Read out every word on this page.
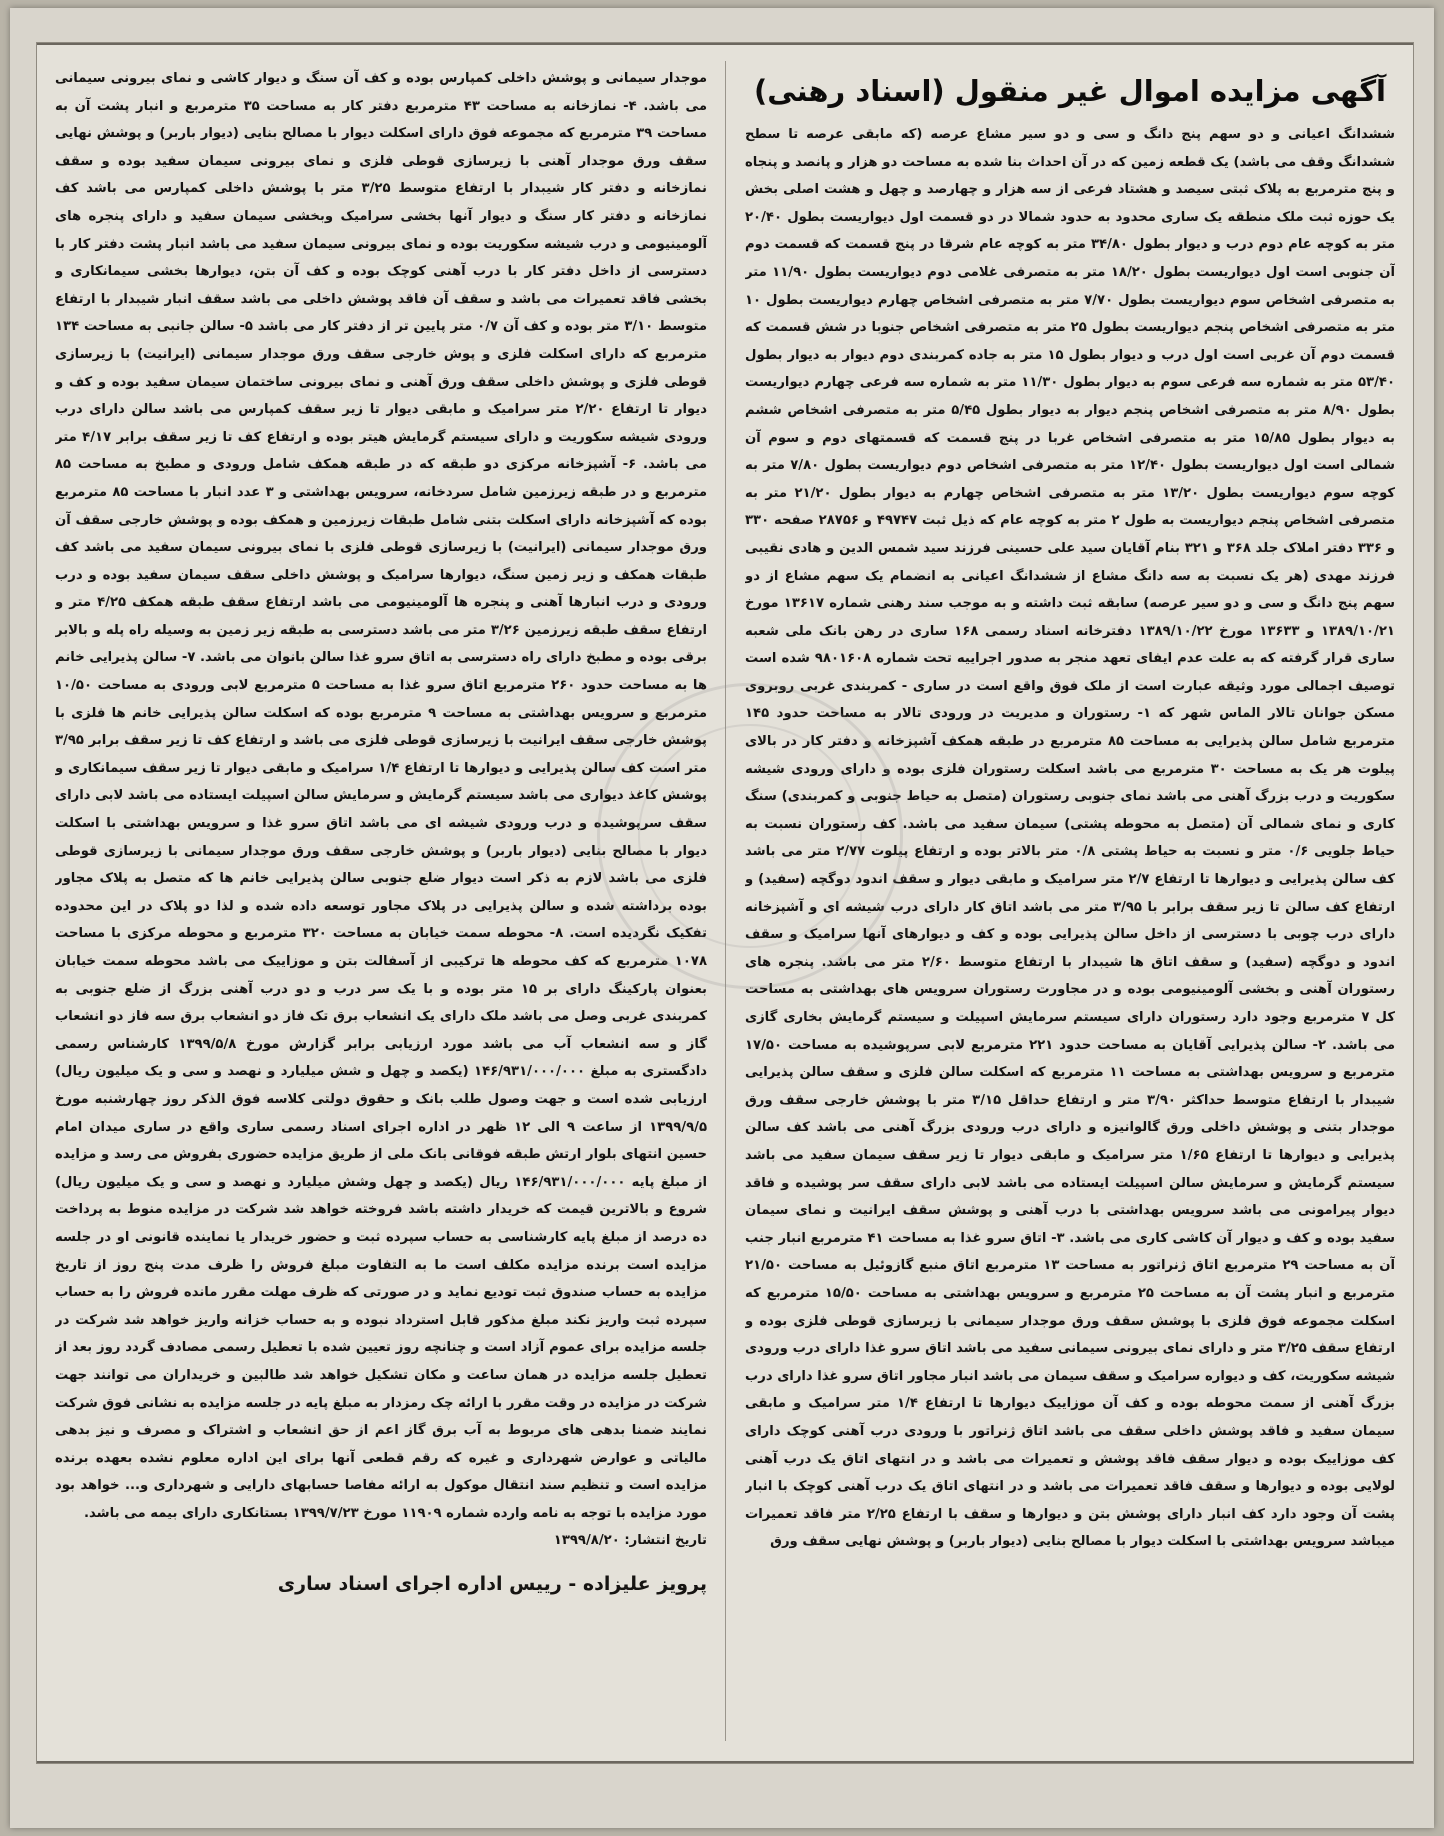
آگهی مزایده اموال غیر منقول (اسناد رهنی)

ششدانگ اعیانی و دو سهم پنج دانگ و سی و دو سیر مشاع عرصه (که مابقی عرصه تا سطح ششدانگ وقف می باشد) یک قطعه زمین که در آن احداث بنا شده به مساحت دو هزار و پانصد و پنجاه و پنج مترمربع به پلاک ثبتی سیصد و هشتاد فرعی از سه هزار و چهارصد و چهل و هشت اصلی بخش یک حوزه ثبت ملک منطقه یک ساری محدود به حدود شمالا در دو قسمت اول دیواریست بطول ۲۰/۴۰ متر به کوچه عام دوم درب و دیوار بطول ۳۴/۸۰ متر به کوچه عام شرقا در پنج قسمت که قسمت دوم آن جنوبی است اول دیواریست بطول ۱۸/۲۰ متر به متصرفی غلامی دوم دیواریست بطول ۱۱/۹۰ متر به متصرفی اشخاص سوم دیواریست بطول ۷/۷۰ متر به متصرفی اشخاص چهارم دیواریست بطول ۱۰ متر به متصرفی اشخاص پنجم دیواریست بطول ۲۵ متر به متصرفی اشخاص جنوبا در شش قسمت که قسمت دوم آن غربی است اول درب و دیوار بطول ۱۵ متر به جاده کمربندی دوم دیوار به دیوار بطول ۵۳/۴۰ متر به شماره سه فرعی سوم به دیوار بطول ۱۱/۳۰ متر به شماره سه فرعی چهارم دیواریست بطول ۸/۹۰ متر به متصرفی اشخاص پنجم دیوار به دیوار بطول ۵/۴۵ متر به متصرفی اشخاص ششم به دیوار بطول ۱۵/۸۵ متر به متصرفی اشخاص غربا در پنج قسمت که قسمتهای دوم و سوم آن شمالی است اول دیواریست بطول ۱۲/۴۰ متر به متصرفی اشخاص دوم دیواریست بطول ۷/۸۰ متر به کوچه سوم دیواریست بطول ۱۳/۲۰ متر به متصرفی اشخاص چهارم به دیوار بطول ۲۱/۲۰ متر به متصرفی اشخاص پنجم دیواریست به طول ۲ متر به کوچه عام که ذیل ثبت ۴۹۷۴۷ و ۲۸۷۵۶ صفحه ۳۳۰ و ۳۳۶ دفتر املاک جلد ۳۶۸ و ۳۲۱ بنام آقایان سید علی حسینی فرزند سید شمس الدین و هادی نقیبی فرزند مهدی (هر یک نسبت به سه دانگ مشاع از ششدانگ اعیانی به انضمام یک سهم مشاع از دو سهم پنج دانگ و سی و دو سیر عرصه) سابقه ثبت داشته و به موجب سند رهنی شماره ۱۳۶۱۷ مورخ ۱۳۸۹/۱۰/۲۱ و ۱۳۶۳۳ مورخ ۱۳۸۹/۱۰/۲۲ دفترخانه اسناد رسمی ۱۶۸ ساری در رهن بانک ملی شعبه ساری قرار گرفته که به علت عدم ایفای تعهد منجر به صدور اجراییه تحت شماره ۹۸۰۱۶۰۸ شده است توصیف اجمالی مورد وثیقه عبارت است از ملک فوق واقع است در ساری - کمربندی غربی روبروی مسکن جوانان تالار الماس شهر که ۱- رستوران و مدیریت در ورودی تالار به مساحت حدود ۱۴۵ مترمربع شامل سالن پذیرایی به مساحت ۸۵ مترمربع در طبقه همکف آشپزخانه و دفتر کار در بالای پیلوت هر یک به مساحت ۳۰ مترمربع می باشد اسکلت رستوران فلزی بوده و دارای ورودی شیشه سکوریت و درب بزرگ آهنی می باشد نمای جنوبی رستوران (متصل به حیاط جنوبی و کمربندی) سنگ کاری و نمای شمالی آن (متصل به محوطه پشتی) سیمان سفید می باشد. کف رستوران نسبت به حیاط جلویی ۰/۶ متر و نسبت به حیاط پشتی ۰/۸ متر بالاتر بوده و ارتفاع پیلوت ۲/۷۷ متر می باشد کف سالن پذیرایی و دیوارها تا ارتفاع ۲/۷ متر سرامیک و مابقی دیوار و سقف اندود دوگچه (سفید) و ارتفاع کف سالن تا زیر سقف برابر با ۳/۹۵ متر می باشد اتاق کار دارای درب شیشه ای و آشپزخانه دارای درب چوبی با دسترسی از داخل سالن پذیرایی بوده و کف و دیوارهای آنها سرامیک و سقف اندود و دوگچه (سفید) و سقف اتاق ها شیبدار با ارتفاع متوسط ۲/۶۰ متر می باشد. پنجره های رستوران آهنی و بخشی آلومینیومی بوده و در مجاورت رستوران سرویس های بهداشتی به مساحت کل ۷ مترمربع وجود دارد رستوران دارای سیستم سرمایش اسپیلت و سیستم گرمایش بخاری گازی می باشد. ۲- سالن پذیرایی آقایان به مساحت حدود ۲۲۱ مترمربع لابی سرپوشیده به مساحت ۱۷/۵۰ مترمربع و سرویس بهداشتی به مساحت ۱۱ مترمربع که اسکلت سالن فلزی و سقف سالن پذیرایی شیبدار با ارتفاع متوسط حداکثر ۳/۹۰ متر و ارتفاع حداقل ۳/۱۵ متر با پوشش خارجی سقف ورق موجدار بتنی و پوشش داخلی ورق گالوانیزه و دارای درب ورودی بزرگ آهنی می باشد کف سالن پذیرایی و دیوارها تا ارتفاع ۱/۶۵ متر سرامیک و مابقی دیوار تا زیر سقف سیمان سفید می باشد سیستم گرمایش و سرمایش سالن اسپیلت ایستاده می باشد لابی دارای سقف سر پوشیده و فاقد دیوار پیرامونی می باشد سرویس بهداشتی با درب آهنی و پوشش سقف ایرانیت و نمای سیمان سفید بوده و کف و دیوار آن کاشی کاری می باشد. ۳- اتاق سرو غذا به مساحت ۴۱ مترمربع انبار جنب آن به مساحت ۲۹ مترمربع اتاق ژنراتور به مساحت ۱۳ مترمربع اتاق منبع گازوئیل به مساحت ۲۱/۵۰ مترمربع و انبار پشت آن به مساحت ۲۵ مترمربع و سرویس بهداشتی به مساحت ۱۵/۵۰ مترمربع که اسکلت مجموعه فوق فلزی با پوشش سقف ورق موجدار سیمانی با زیرسازی قوطی فلزی بوده و ارتفاع سقف ۳/۲۵ متر و دارای نمای بیرونی سیمانی سفید می باشد اتاق سرو غذا دارای درب ورودی شیشه سکوریت، کف و دیواره سرامیک و سقف سیمان می باشد انبار مجاور اتاق سرو غذا دارای درب بزرگ آهنی از سمت محوطه بوده و کف آن موزاییک دیوارها تا ارتفاع ۱/۴ متر سرامیک و مابقی سیمان سفید و فاقد پوشش داخلی سقف می باشد اتاق ژنراتور با ورودی درب آهنی کوچک دارای کف موزاییک بوده و دیوار سقف فاقد پوشش و تعمیرات می باشد و در انتهای اتاق یک درب آهنی لولایی بوده و دیوارها و سقف فاقد تعمیرات می باشد و در انتهای اتاق یک درب آهنی کوچک با انبار پشت آن وجود دارد کف انبار دارای پوشش بتن و دیوارها و سقف با ارتفاع ۲/۲۵ متر فاقد تعمیرات میباشد سرویس بهداشتی با اسکلت دیوار با مصالح بنایی (دیوار باربر) و پوشش نهایی سقف ورق

موجدار سیمانی و پوشش داخلی کمپارس بوده و کف آن سنگ و دیوار کاشی و نمای بیرونی سیمانی می باشد. ۴- نمازخانه به مساحت ۴۳ مترمربع دفتر کار به مساحت ۳۵ مترمربع و انبار پشت آن به مساحت ۳۹ مترمربع که مجموعه فوق دارای اسکلت دیوار با مصالح بنایی (دیوار باربر) و پوشش نهایی سقف ورق موجدار آهنی با زیرسازی قوطی فلزی و نمای بیرونی سیمان سفید بوده و سقف نمازخانه و دفتر کار شیبدار با ارتفاع متوسط ۳/۲۵ متر با پوشش داخلی کمپارس می باشد کف نمازخانه و دفتر کار سنگ و دیوار آنها بخشی سرامیک وبخشی سیمان سفید و دارای پنجره های آلومینیومی و درب شیشه سکوریت بوده و نمای بیرونی سیمان سفید می باشد انبار پشت دفتر کار با دسترسی از داخل دفتر کار با درب آهنی کوچک بوده و کف آن بتن، دیوارها بخشی سیمانکاری و بخشی فاقد تعمیرات می باشد و سقف آن فاقد پوشش داخلی می باشد سقف انبار شیبدار با ارتفاع متوسط ۳/۱۰ متر بوده و کف آن ۰/۷ متر پایین تر از دفتر کار می باشد ۵- سالن جانبی به مساحت ۱۳۴ مترمربع که دارای اسکلت فلزی و پوش خارجی سقف ورق موجدار سیمانی (ایرانیت) با زیرسازی قوطی فلزی و پوشش داخلی سقف ورق آهنی و نمای بیرونی ساختمان سیمان سفید بوده و کف و دیوار تا ارتفاع ۲/۲۰ متر سرامیک و مابقی دیوار تا زیر سقف کمپارس می باشد سالن دارای درب ورودی شیشه سکوریت و دارای سیستم گرمایش هیتر بوده و ارتفاع کف تا زیر سقف برابر ۴/۱۷ متر می باشد. ۶- آشپزخانه مرکزی دو طبقه که در طبقه همکف شامل ورودی و مطبخ به مساحت ۸۵ مترمربع و در طبقه زیرزمین شامل سردخانه، سرویس بهداشتی و ۳ عدد انبار با مساحت ۸۵ مترمربع بوده که آشپزخانه دارای اسکلت بتنی شامل طبقات زیرزمین و همکف بوده و پوشش خارجی سقف آن ورق موجدار سیمانی (ایرانیت) با زیرسازی قوطی فلزی با نمای بیرونی سیمان سفید می باشد کف طبقات همکف و زیر زمین سنگ، دیوارها سرامیک و پوشش داخلی سقف سیمان سفید بوده و درب ورودی و درب انبارها آهنی و پنجره ها آلومینیومی می باشد ارتفاع سقف طبقه همکف ۴/۲۵ متر و ارتفاع سقف طبقه زیرزمین ۳/۲۶ متر می باشد دسترسی به طبقه زیر زمین به وسیله راه پله و بالابر برقی بوده و مطبخ دارای راه دسترسی به اتاق سرو غذا سالن بانوان می باشد. ۷- سالن پذیرایی خانم ها به مساحت حدود ۲۶۰ مترمربع اتاق سرو غذا به مساحت ۵ مترمربع لابی ورودی به مساحت ۱۰/۵۰ مترمربع و سرویس بهداشتی به مساحت ۹ مترمربع بوده که اسکلت سالن پذیرایی خانم ها فلزی با پوشش خارجی سقف ایرانیت با زیرسازی قوطی فلزی می باشد و ارتفاع کف تا زیر سقف برابر ۳/۹۵ متر است کف سالن پذیرایی و دیوارها تا ارتفاع ۱/۴ سرامیک و مابقی دیوار تا زیر سقف سیمانکاری و پوشش کاغذ دیواری می باشد سیستم گرمایش و سرمایش سالن اسپیلت ایستاده می باشد لابی دارای سقف سرپوشیده و درب ورودی شیشه ای می باشد اتاق سرو غذا و سرویس بهداشتی با اسکلت دیوار با مصالح بنایی (دیوار باربر) و پوشش خارجی سقف ورق موجدار سیمانی با زیرسازی قوطی فلزی می باشد لازم به ذکر است دیوار ضلع جنوبی سالن پذیرایی خانم ها که متصل به پلاک مجاور بوده برداشته شده و سالن پذیرایی در پلاک مجاور توسعه داده شده و لذا دو پلاک در این محدوده تفکیک نگردیده است. ۸- محوطه سمت خیابان به مساحت ۳۲۰ مترمربع و محوطه مرکزی با مساحت ۱۰۷۸ مترمربع که کف محوطه ها ترکیبی از آسفالت بتن و موزاییک می باشد محوطه سمت خیابان بعنوان پارکینگ دارای بر ۱۵ متر بوده و با یک سر درب و دو درب آهنی بزرگ از ضلع جنوبی به کمربندی غربی وصل می باشد ملک دارای یک انشعاب برق تک فاز دو انشعاب برق سه فاز دو انشعاب گاز و سه انشعاب آب می باشد مورد ارزیابی برابر گزارش مورخ ۱۳۹۹/۵/۸ کارشناس رسمی دادگستری به مبلغ ۱۴۶/۹۳۱/۰۰۰/۰۰۰ (یکصد و چهل و شش میلیارد و نهصد و سی و یک میلیون ریال) ارزیابی شده است و جهت وصول طلب بانک و حقوق دولتی کلاسه فوق الذکر روز چهارشنبه مورخ ۱۳۹۹/۹/۵ از ساعت ۹ الی ۱۲ ظهر در اداره اجرای اسناد رسمی ساری واقع در ساری میدان امام حسین انتهای بلوار ارتش طبقه فوقانی بانک ملی از طریق مزایده حضوری بفروش می رسد و مزایده از مبلغ پایه ۱۴۶/۹۳۱/۰۰۰/۰۰۰ ریال (یکصد و چهل وشش میلیارد و نهصد و سی و یک میلیون ریال) شروع و بالاترین قیمت که خریدار داشته باشد فروخته خواهد شد شرکت در مزایده منوط به پرداخت ده درصد از مبلغ پایه کارشناسی به حساب سپرده ثبت و حضور خریدار یا نماینده قانونی او در جلسه مزایده است برنده مزایده مکلف است ما به التفاوت مبلغ فروش را ظرف مدت پنج روز از تاریخ مزایده به حساب صندوق ثبت تودیع نماید و در صورتی که ظرف مهلت مقرر مانده فروش را به حساب سپرده ثبت واریز نکند مبلغ مذکور قابل استرداد نبوده و به حساب خزانه واریز خواهد شد شرکت در جلسه مزایده برای عموم آزاد است و چنانچه روز تعیین شده با تعطیل رسمی مصادف گردد روز بعد از تعطیل جلسه مزایده در همان ساعت و مکان تشکیل خواهد شد طالبین و خریداران می توانند جهت شرکت در مزایده در وقت مقرر با ارائه چک رمزدار به مبلغ پایه در جلسه مزایده به نشانی فوق شرکت نمایند ضمنا بدهی های مربوط به آب برق گاز اعم از حق انشعاب و اشتراک و مصرف و نیز بدهی مالیاتی و عوارض شهرداری و غیره که رقم قطعی آنها برای این اداره معلوم نشده بعهده برنده مزایده است و تنظیم سند انتقال موکول به ارائه مفاصا حسابهای دارایی و شهرداری و... خواهد بود مورد مزایده با توجه به نامه وارده شماره ۱۱۹۰۹ مورخ ۱۳۹۹/۷/۲۳ بستانکاری دارای بیمه می باشد.

تاریخ انتشار: ۱۳۹۹/۸/۲۰
پرویز علیزاده - رییس اداره اجرای اسناد ساری
